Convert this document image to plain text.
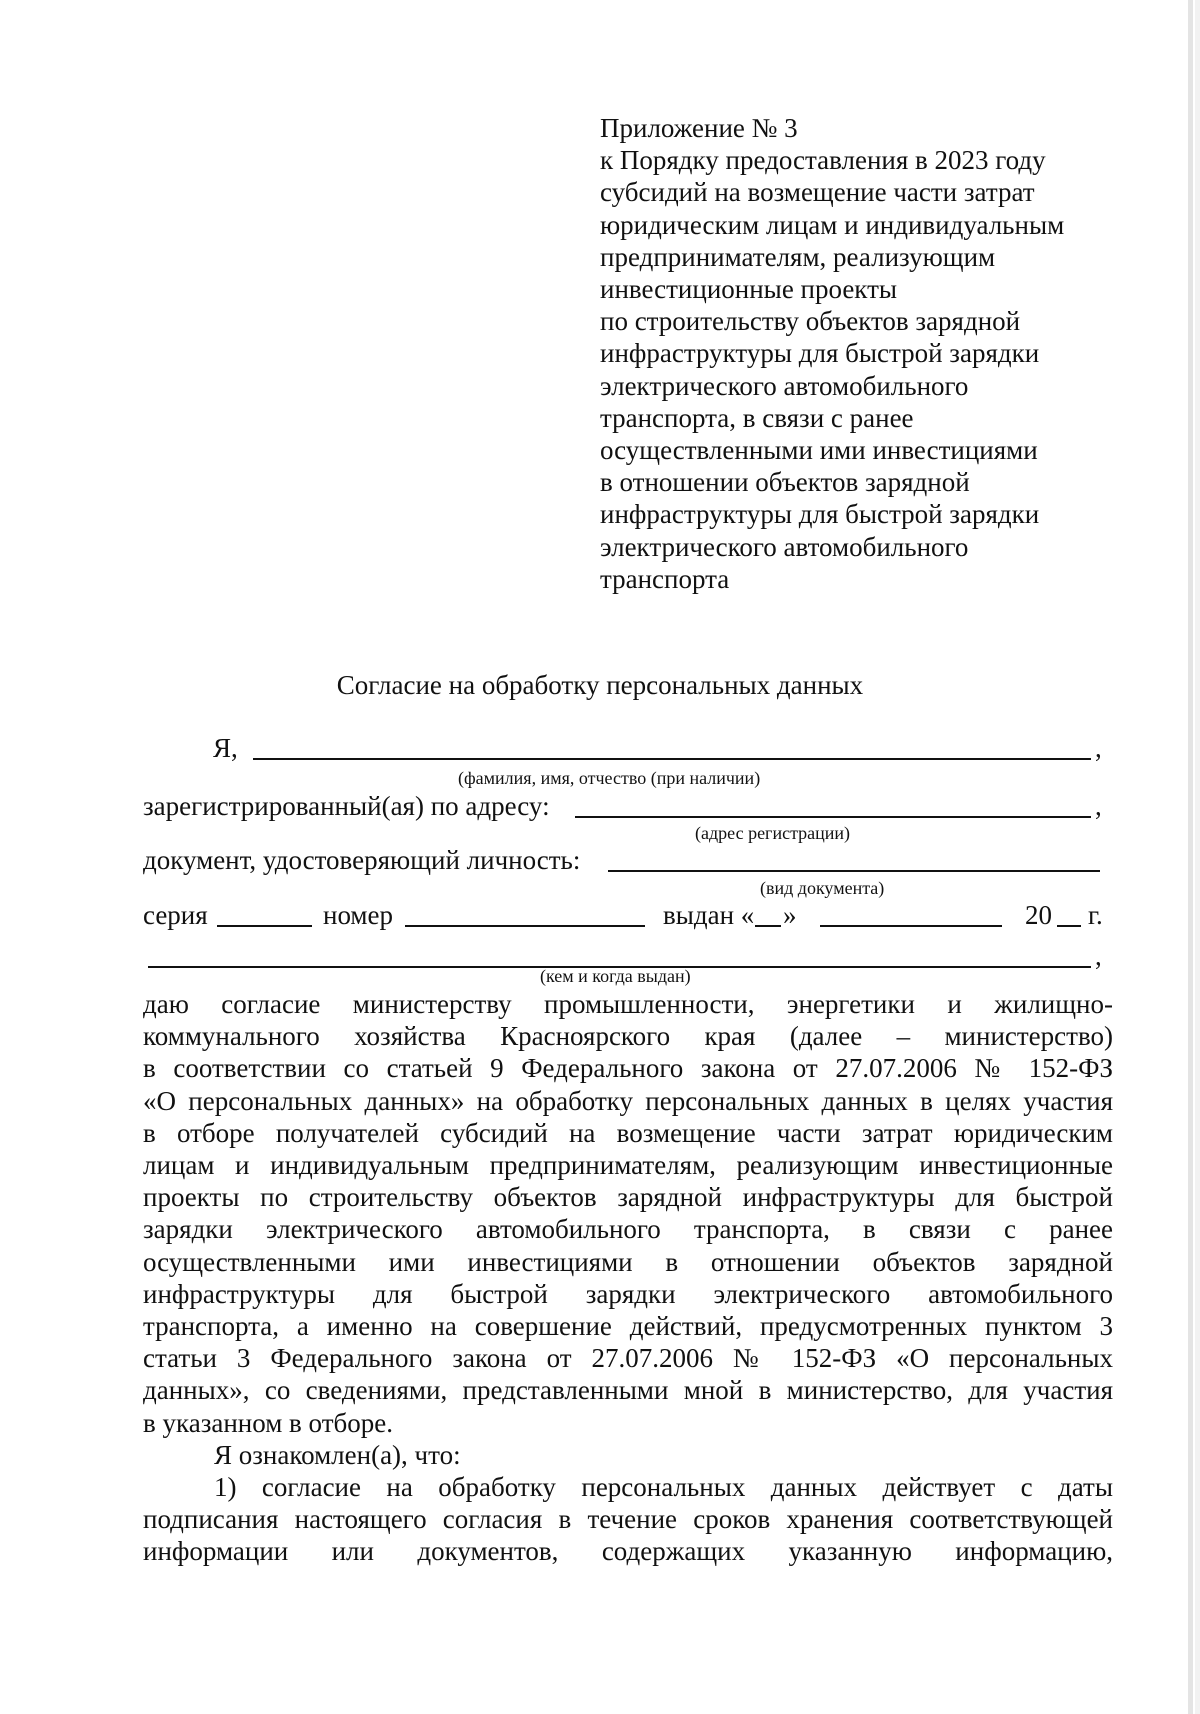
Приложение № 3
к Порядку предоставления в 2023 году
субсидий на возмещение части затрат
юридическим лицам и индивидуальным
предпринимателям, реализующим
инвестиционные проекты
по строительству объектов зарядной
инфраструктуры для быстрой зарядки
электрического автомобильного
транспорта, в связи с ранее
осуществленными ими инвестициями
в отношении объектов зарядной
инфраструктуры для быстрой зарядки
электрического автомобильного
транспорта
Согласие на обработку персональных данных
Я,	,
(фамилия, имя, отчество (при наличии)
зарегистрированный(ая) по адресу:	,
(адрес регистрации)
документ, удостоверяющий личность:
(вид документа)
серия	номер	выдан « »	20 г.
,
(кем и когда выдан)
даю согласие министерству промышленности, энергетики и жилищно-
коммунального хозяйства Красноярского края (далее – министерство)
в соответствии со статьей 9 Федерального закона от 27.07.2006 № 152-ФЗ
«О персональных данных» на обработку персональных данных в целях участия
в отборе получателей субсидий на возмещение части затрат юридическим
лицам и индивидуальным предпринимателям, реализующим инвестиционные
проекты по строительству объектов зарядной инфраструктуры для быстрой
зарядки электрического автомобильного транспорта, в связи с ранее
осуществленными ими инвестициями в отношении объектов зарядной
инфраструктуры для быстрой зарядки электрического автомобильного
транспорта, а именно на совершение действий, предусмотренных пунктом 3
статьи 3 Федерального закона от 27.07.2006 № 152-ФЗ «О персональных
данных», со сведениями, представленными мной в министерство, для участия
в указанном в отборе.
Я ознакомлен(а), что:
1) согласие на обработку персональных данных действует с даты
подписания настоящего согласия в течение сроков хранения соответствующей
информации или документов, содержащих указанную информацию,
